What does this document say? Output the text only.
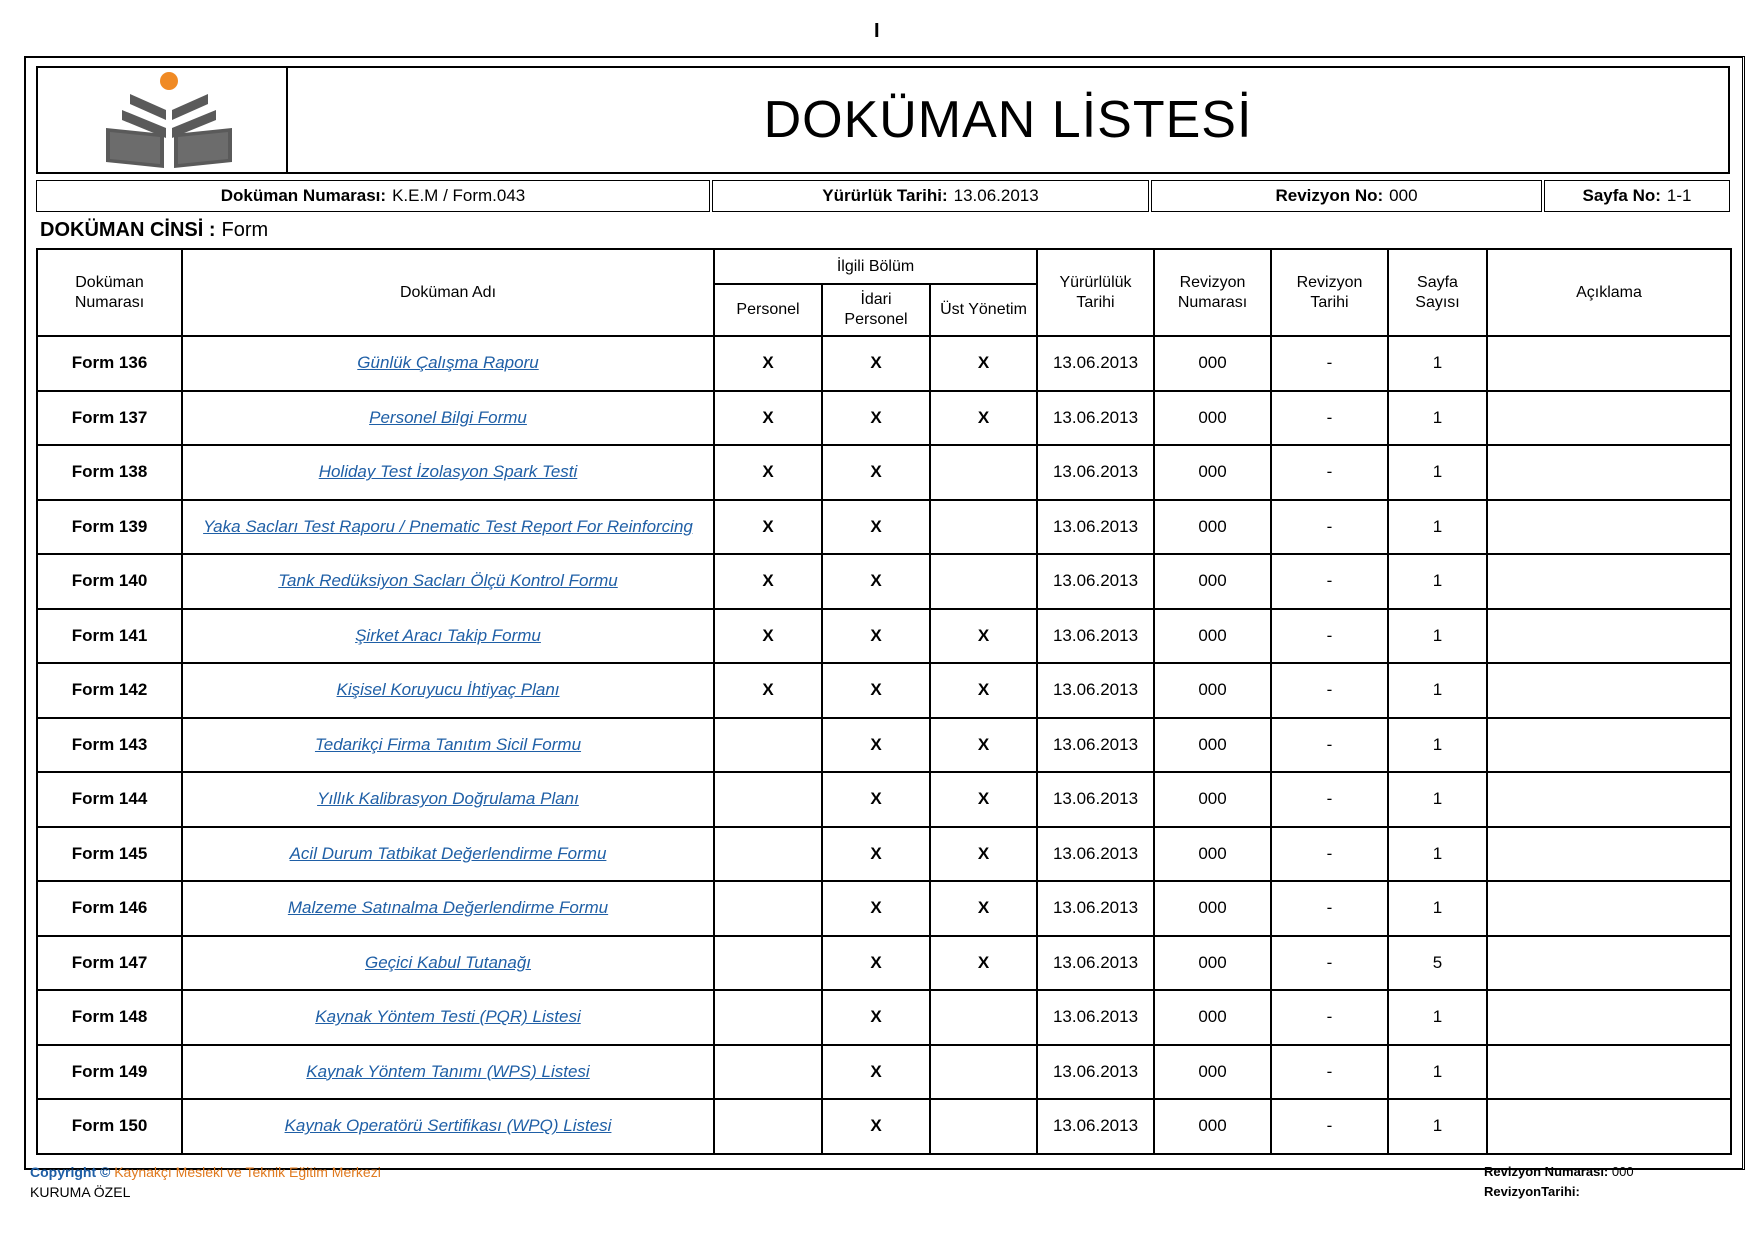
I
DOKÜMAN LİSTESİ
Doküman Numarası: K.E.M / Form.043	Yürürlük Tarihi: 13.06.2013	Revizyon No: 000	Sayfa No: 1-1
DOKÜMAN CİNSİ : Form
Doküman Numarası	Doküman Adı	İlgili Bölüm			Yürürlülük Tarihi	Revizyon Numarası	Revizyon Tarihi	Sayfa Sayısı	Açıklama
		Personel	İdari Personel	Üst Yönetim					
Form 136	Günlük Çalışma Raporu	X	X	X	13.06.2013	000	-	1	
Form 137	Personel Bilgi Formu	X	X	X	13.06.2013	000	-	1	
Form 138	Holiday Test İzolasyon Spark Testi	X	X		13.06.2013	000	-	1	
Form 139	Yaka Sacları Test Raporu / Pnematic Test Report For Reinforcing	X	X		13.06.2013	000	-	1	
Form 140	Tank Redüksiyon Sacları Ölçü Kontrol Formu	X	X		13.06.2013	000	-	1	
Form 141	Şirket Aracı Takip Formu	X	X	X	13.06.2013	000	-	1	
Form 142	Kişisel Koruyucu İhtiyaç Planı	X	X	X	13.06.2013	000	-	1	
Form 143	Tedarikçi Firma Tanıtım Sicil Formu		X	X	13.06.2013	000	-	1	
Form 144	Yıllık Kalibrasyon Doğrulama Planı		X	X	13.06.2013	000	-	1	
Form 145	Acil Durum Tatbikat Değerlendirme Formu		X	X	13.06.2013	000	-	1	
Form 146	Malzeme Satınalma Değerlendirme Formu		X	X	13.06.2013	000	-	1	
Form 147	Geçici Kabul Tutanağı		X	X	13.06.2013	000	-	5	
Form 148	Kaynak Yöntem Testi (PQR) Listesi		X		13.06.2013	000	-	1	
Form 149	Kaynak Yöntem Tanımı (WPS) Listesi		X		13.06.2013	000	-	1	
Form 150	Kaynak Operatörü Sertifikası (WPQ) Listesi		X		13.06.2013	000	-	1	
Copyright © Kaynakçı Mesleki ve Teknik Eğitim Merkezi
KURUMA ÖZEL
Revizyon Numarası: 000
RevizyonTarihi:
